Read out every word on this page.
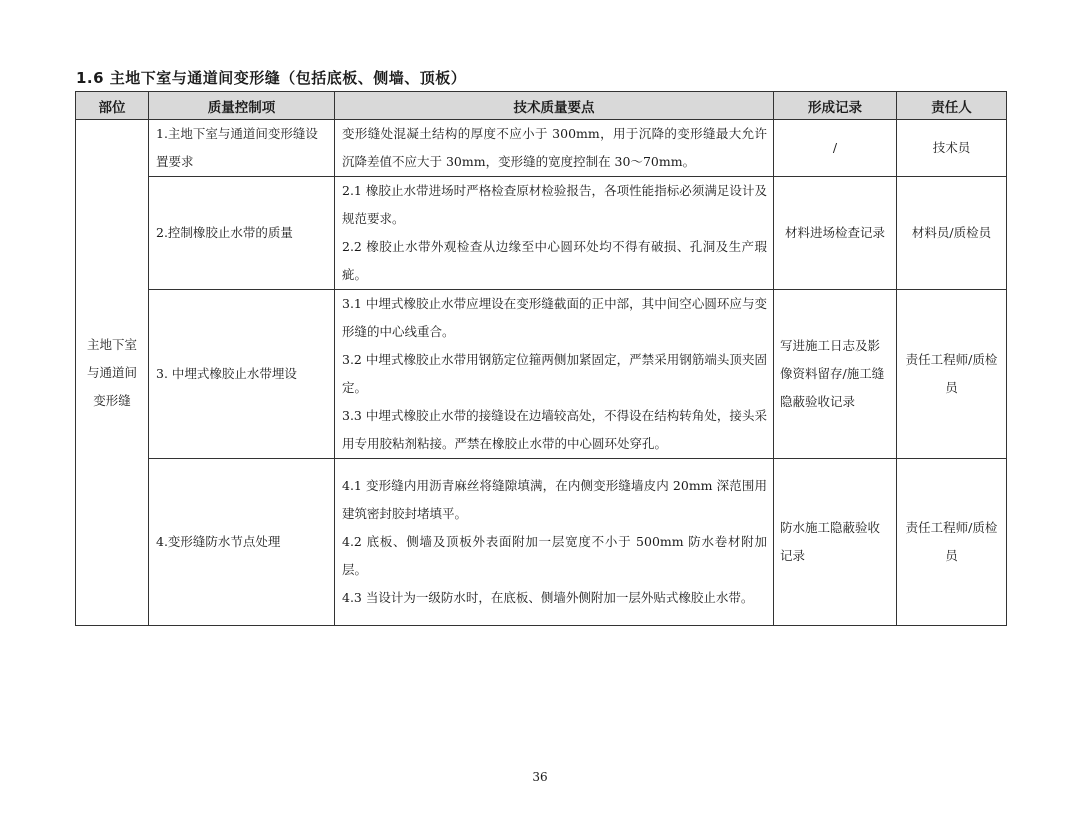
1.6 主地下室与通道间变形缝（包括底板、侧墙、顶板）
部位	质量控制项	技术质量要点	形成记录	责任人
主地下室与通道间变形缝	1.主地下室与通道间变形缝设置要求	变形缝处混凝土结构的厚度不应小于 300mm，用于沉降的变形缝最大允许沉降差值不应大于 30mm，变形缝的宽度控制在 30～70mm。	/	技术员
	2.控制橡胶止水带的质量	2.1 橡胶止水带进场时严格检查原材检验报告，各项性能指标必须满足设计及规范要求。
2.2 橡胶止水带外观检查从边缘至中心圆环处均不得有破损、孔洞及生产瑕疵。	材料进场检查记录	材料员/质检员
	3. 中埋式橡胶止水带埋设	3.1 中埋式橡胶止水带应埋设在变形缝截面的正中部，其中间空心圆环应与变形缝的中心线重合。
3.2 中埋式橡胶止水带用钢筋定位箍两侧加紧固定，严禁采用钢筋端头顶夹固定。
3.3 中埋式橡胶止水带的接缝设在边墙较高处，不得设在结构转角处，接头采用专用胶粘剂粘接。严禁在橡胶止水带的中心圆环处穿孔。	写进施工日志及影像资料留存/施工缝隐蔽验收记录	责任工程师/质检员
	4.变形缝防水节点处理	4.1 变形缝内用沥青麻丝将缝隙填满，在内侧变形缝墙皮内 20mm 深范围用建筑密封胶封堵填平。
4.2 底板、侧墙及顶板外表面附加一层宽度不小于 500mm 防水卷材附加层。
4.3 当设计为一级防水时，在底板、侧墙外侧附加一层外贴式橡胶止水带。	防水施工隐蔽验收记录	责任工程师/质检员
36
